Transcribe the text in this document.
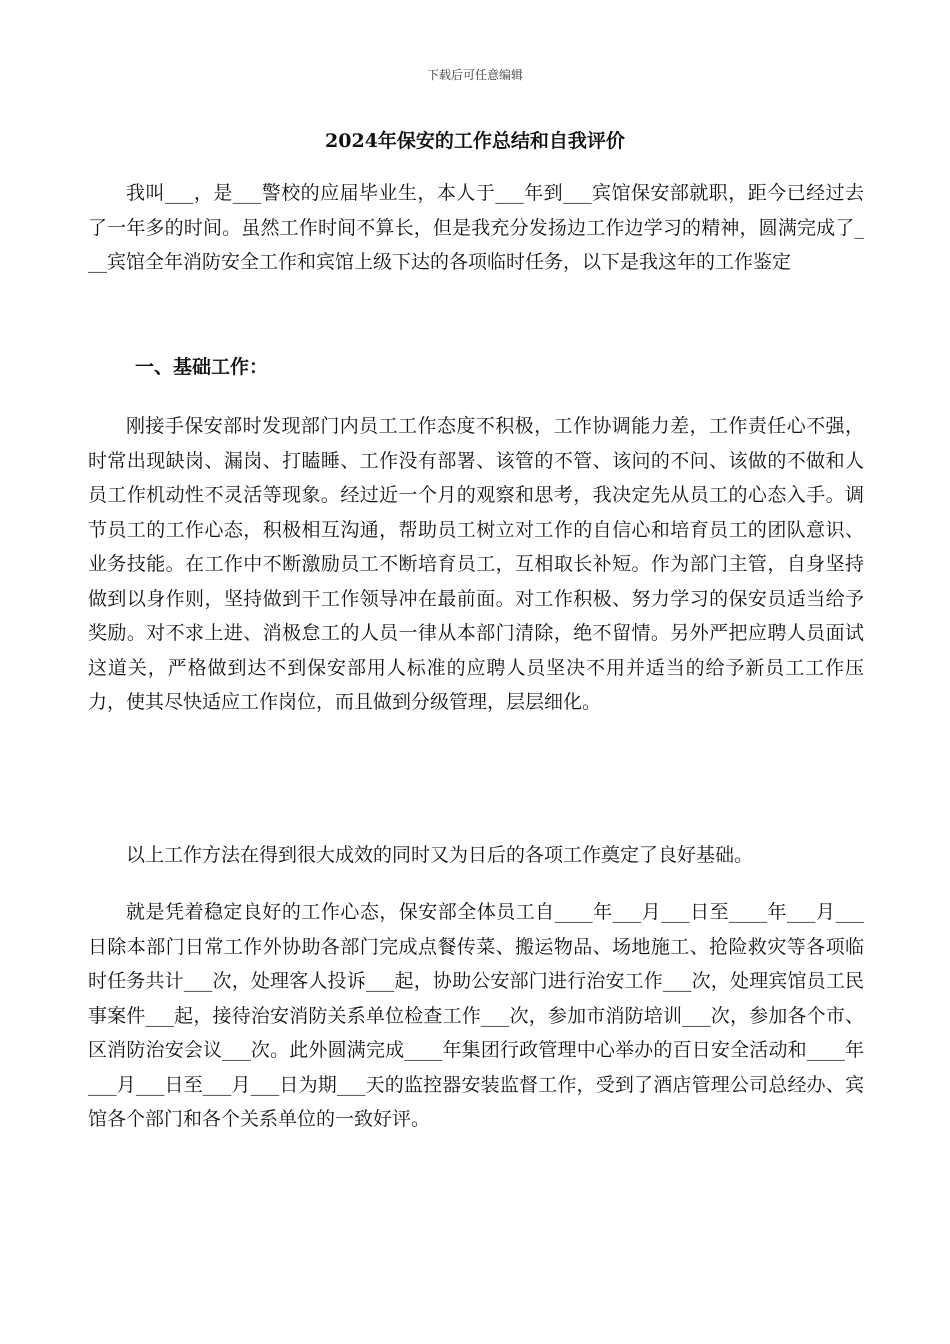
下载后可任意编辑
2024年保安的工作总结和自我评价

我叫___，是___警校的应届毕业生，本人于___年到___宾馆保安部就职，距今已经过去了一年多的时间。虽然工作时间不算长，但是我充分发扬边工作边学习的精神，圆满完成了___宾馆全年消防安全工作和宾馆上级下达的各项临时任务，以下是我这年的工作鉴定

一、基础工作：

刚接手保安部时发现部门内员工工作态度不积极，工作协调能力差，工作责任心不强，时常出现缺岗、漏岗、打瞌睡、工作没有部署、该管的不管、该问的不问、该做的不做和人员工作机动性不灵活等现象。经过近一个月的观察和思考，我决定先从员工的心态入手。调节员工的工作心态，积极相互沟通，帮助员工树立对工作的自信心和培育员工的团队意识、业务技能。在工作中不断激励员工不断培育员工，互相取长补短。作为部门主管，自身坚持做到以身作则，坚持做到干工作领导冲在最前面。对工作积极、努力学习的保安员适当给予奖励。对不求上进、消极怠工的人员一律从本部门清除，绝不留情。另外严把应聘人员面试这道关，严格做到达不到保安部用人标准的应聘人员坚决不用并适当的给予新员工工作压力，使其尽快适应工作岗位，而且做到分级管理，层层细化。

以上工作方法在得到很大成效的同时又为日后的各项工作奠定了良好基础。

就是凭着稳定良好的工作心态，保安部全体员工自____年___月___日至____年___月___日除本部门日常工作外协助各部门完成点餐传菜、搬运物品、场地施工、抢险救灾等各项临时任务共计___次，处理客人投诉___起，协助公安部门进行治安工作___次，处理宾馆员工民事案件___起，接待治安消防关系单位检查工作___次，参加市消防培训___次，参加各个市、区消防治安会议___次。此外圆满完成____年集团行政管理中心举办的百日安全活动和____年___月___日至___月___日为期___天的监控器安装监督工作，受到了酒店管理公司总经办、宾馆各个部门和各个关系单位的一致好评。
